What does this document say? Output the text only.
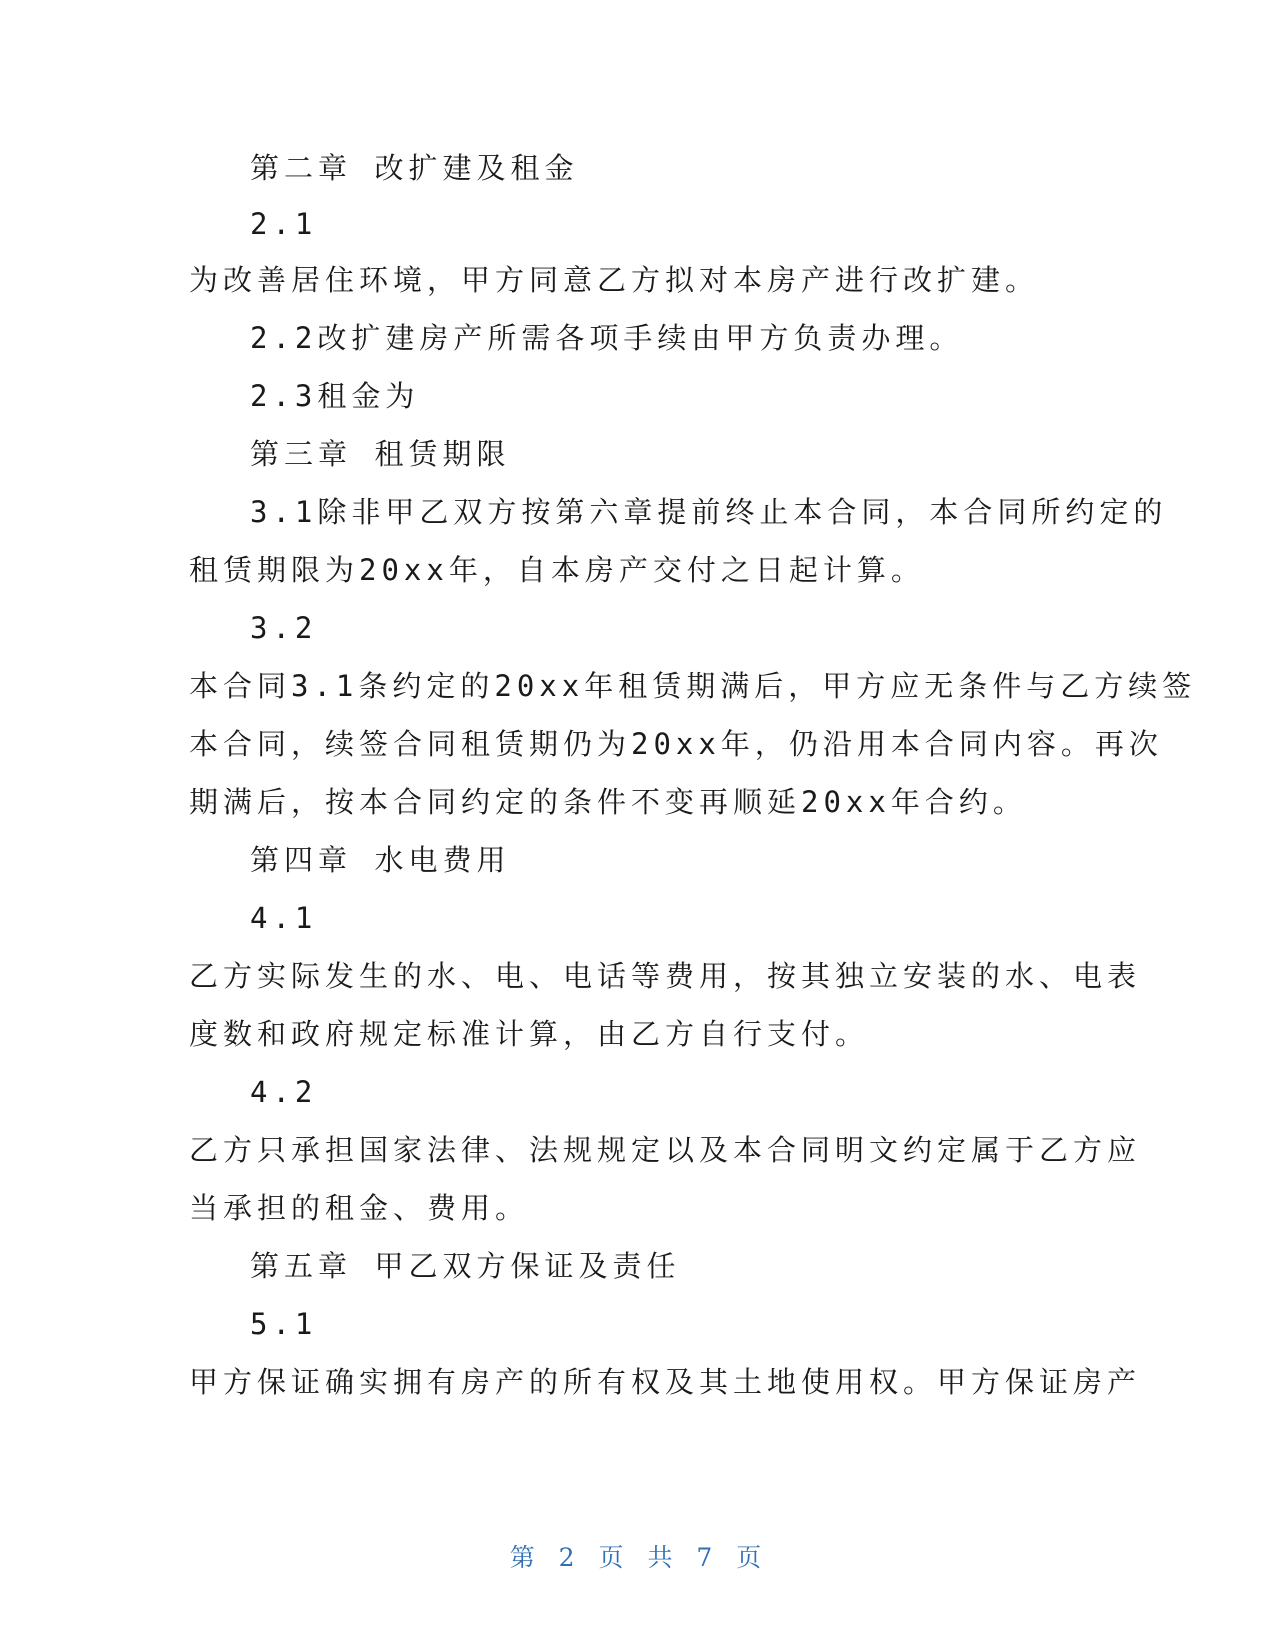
第二章 改扩建及租金
2.1
为改善居住环境，甲方同意乙方拟对本房产进行改扩建。
2.2改扩建房产所需各项手续由甲方负责办理。
2.3租金为
第三章 租赁期限
3.1除非甲乙双方按第六章提前终止本合同，本合同所约定的
租赁期限为20xx年，自本房产交付之日起计算。
3.2
本合同3.1条约定的20xx年租赁期满后，甲方应无条件与乙方续签
本合同，续签合同租赁期仍为20xx年，仍沿用本合同内容。再次
期满后，按本合同约定的条件不变再顺延20xx年合约。
第四章 水电费用
4.1
乙方实际发生的水、电、电话等费用，按其独立安装的水、电表
度数和政府规定标准计算，由乙方自行支付。
4.2
乙方只承担国家法律、法规规定以及本合同明文约定属于乙方应
当承担的租金、费用。
第五章 甲乙双方保证及责任
5.1
甲方保证确实拥有房产的所有权及其土地使用权。甲方保证房产
第 2 页 共 7 页
